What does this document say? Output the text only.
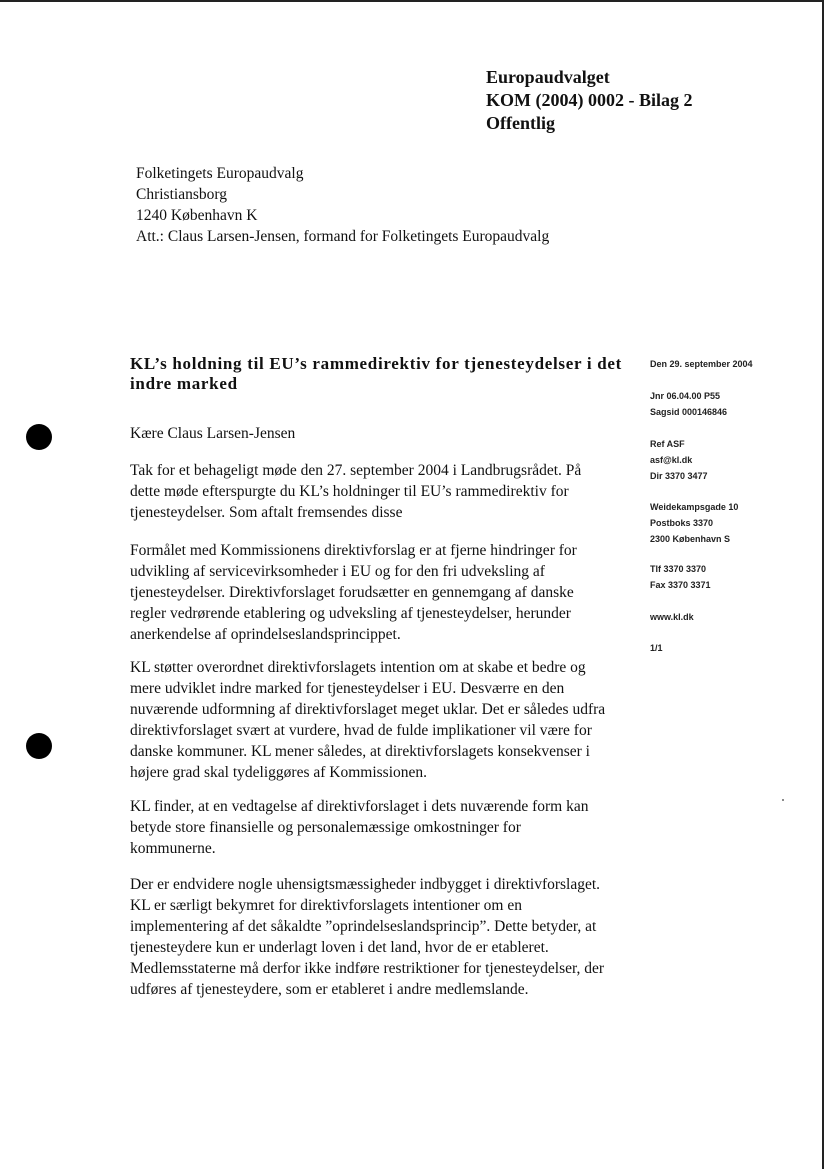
Europaudvalget
KOM (2004) 0002 - Bilag 2
Offentlig
Folketingets Europaudvalg
Christiansborg
1240 København K
Att.: Claus Larsen-Jensen, formand for Folketingets Europaudvalg
KL’s holdning til EU’s rammedirektiv for tjenesteydelser i det indre marked

Kære Claus Larsen-Jensen

Tak for et behageligt møde den 27. september 2004 i Landbrugsrådet. På dette møde efterspurgte du KL’s holdninger til EU’s rammedirektiv for tjenesteydelser. Som aftalt fremsendes disse

Formålet med Kommissionens direktivforslag er at fjerne hindringer for udvikling af servicevirksomheder i EU og for den fri udveksling af tjenesteydelser. Direktivforslaget forudsætter en gennemgang af danske regler vedrørende etablering og udveksling af tjenesteydelser, herunder anerkendelse af oprindelseslandsprincippet.

KL støtter overordnet direktivforslagets intention om at skabe et bedre og mere udviklet indre marked for tjenesteydelser i EU. Desværre en den nuværende udformning af direktivforslaget meget uklar. Det er således udfra direktivforslaget svært at vurdere, hvad de fulde implikationer vil være for danske kommuner. KL mener således, at direktivforslagets konsekvenser i højere grad skal tydeliggøres af Kommissionen.

KL finder, at en vedtagelse af direktivforslaget i dets nuværende form kan betyde store finansielle og personalemæssige omkostninger for kommunerne.

Der er endvidere nogle uhensigtsmæssigheder indbygget i direktivforslaget. KL er særligt bekymret for direktivforslagets intentioner om en implementering af det såkaldte ”oprindelseslandsprincip”. Dette betyder, at tjenesteydere kun er underlagt loven i det land, hvor de er etableret. Medlemsstaterne må derfor ikke indføre restriktioner for tjenesteydelser, der udføres af tjenesteydere, som er etableret i andre medlemslande.

Den 29. september 2004
Jnr 06.04.00 P55
Sagsid 000146846
Ref ASF
asf@kl.dk
Dir 3370 3477
Weidekampsgade 10
Postboks 3370
2300 København S
Tlf 3370 3370
Fax 3370 3371
www.kl.dk
1/1
